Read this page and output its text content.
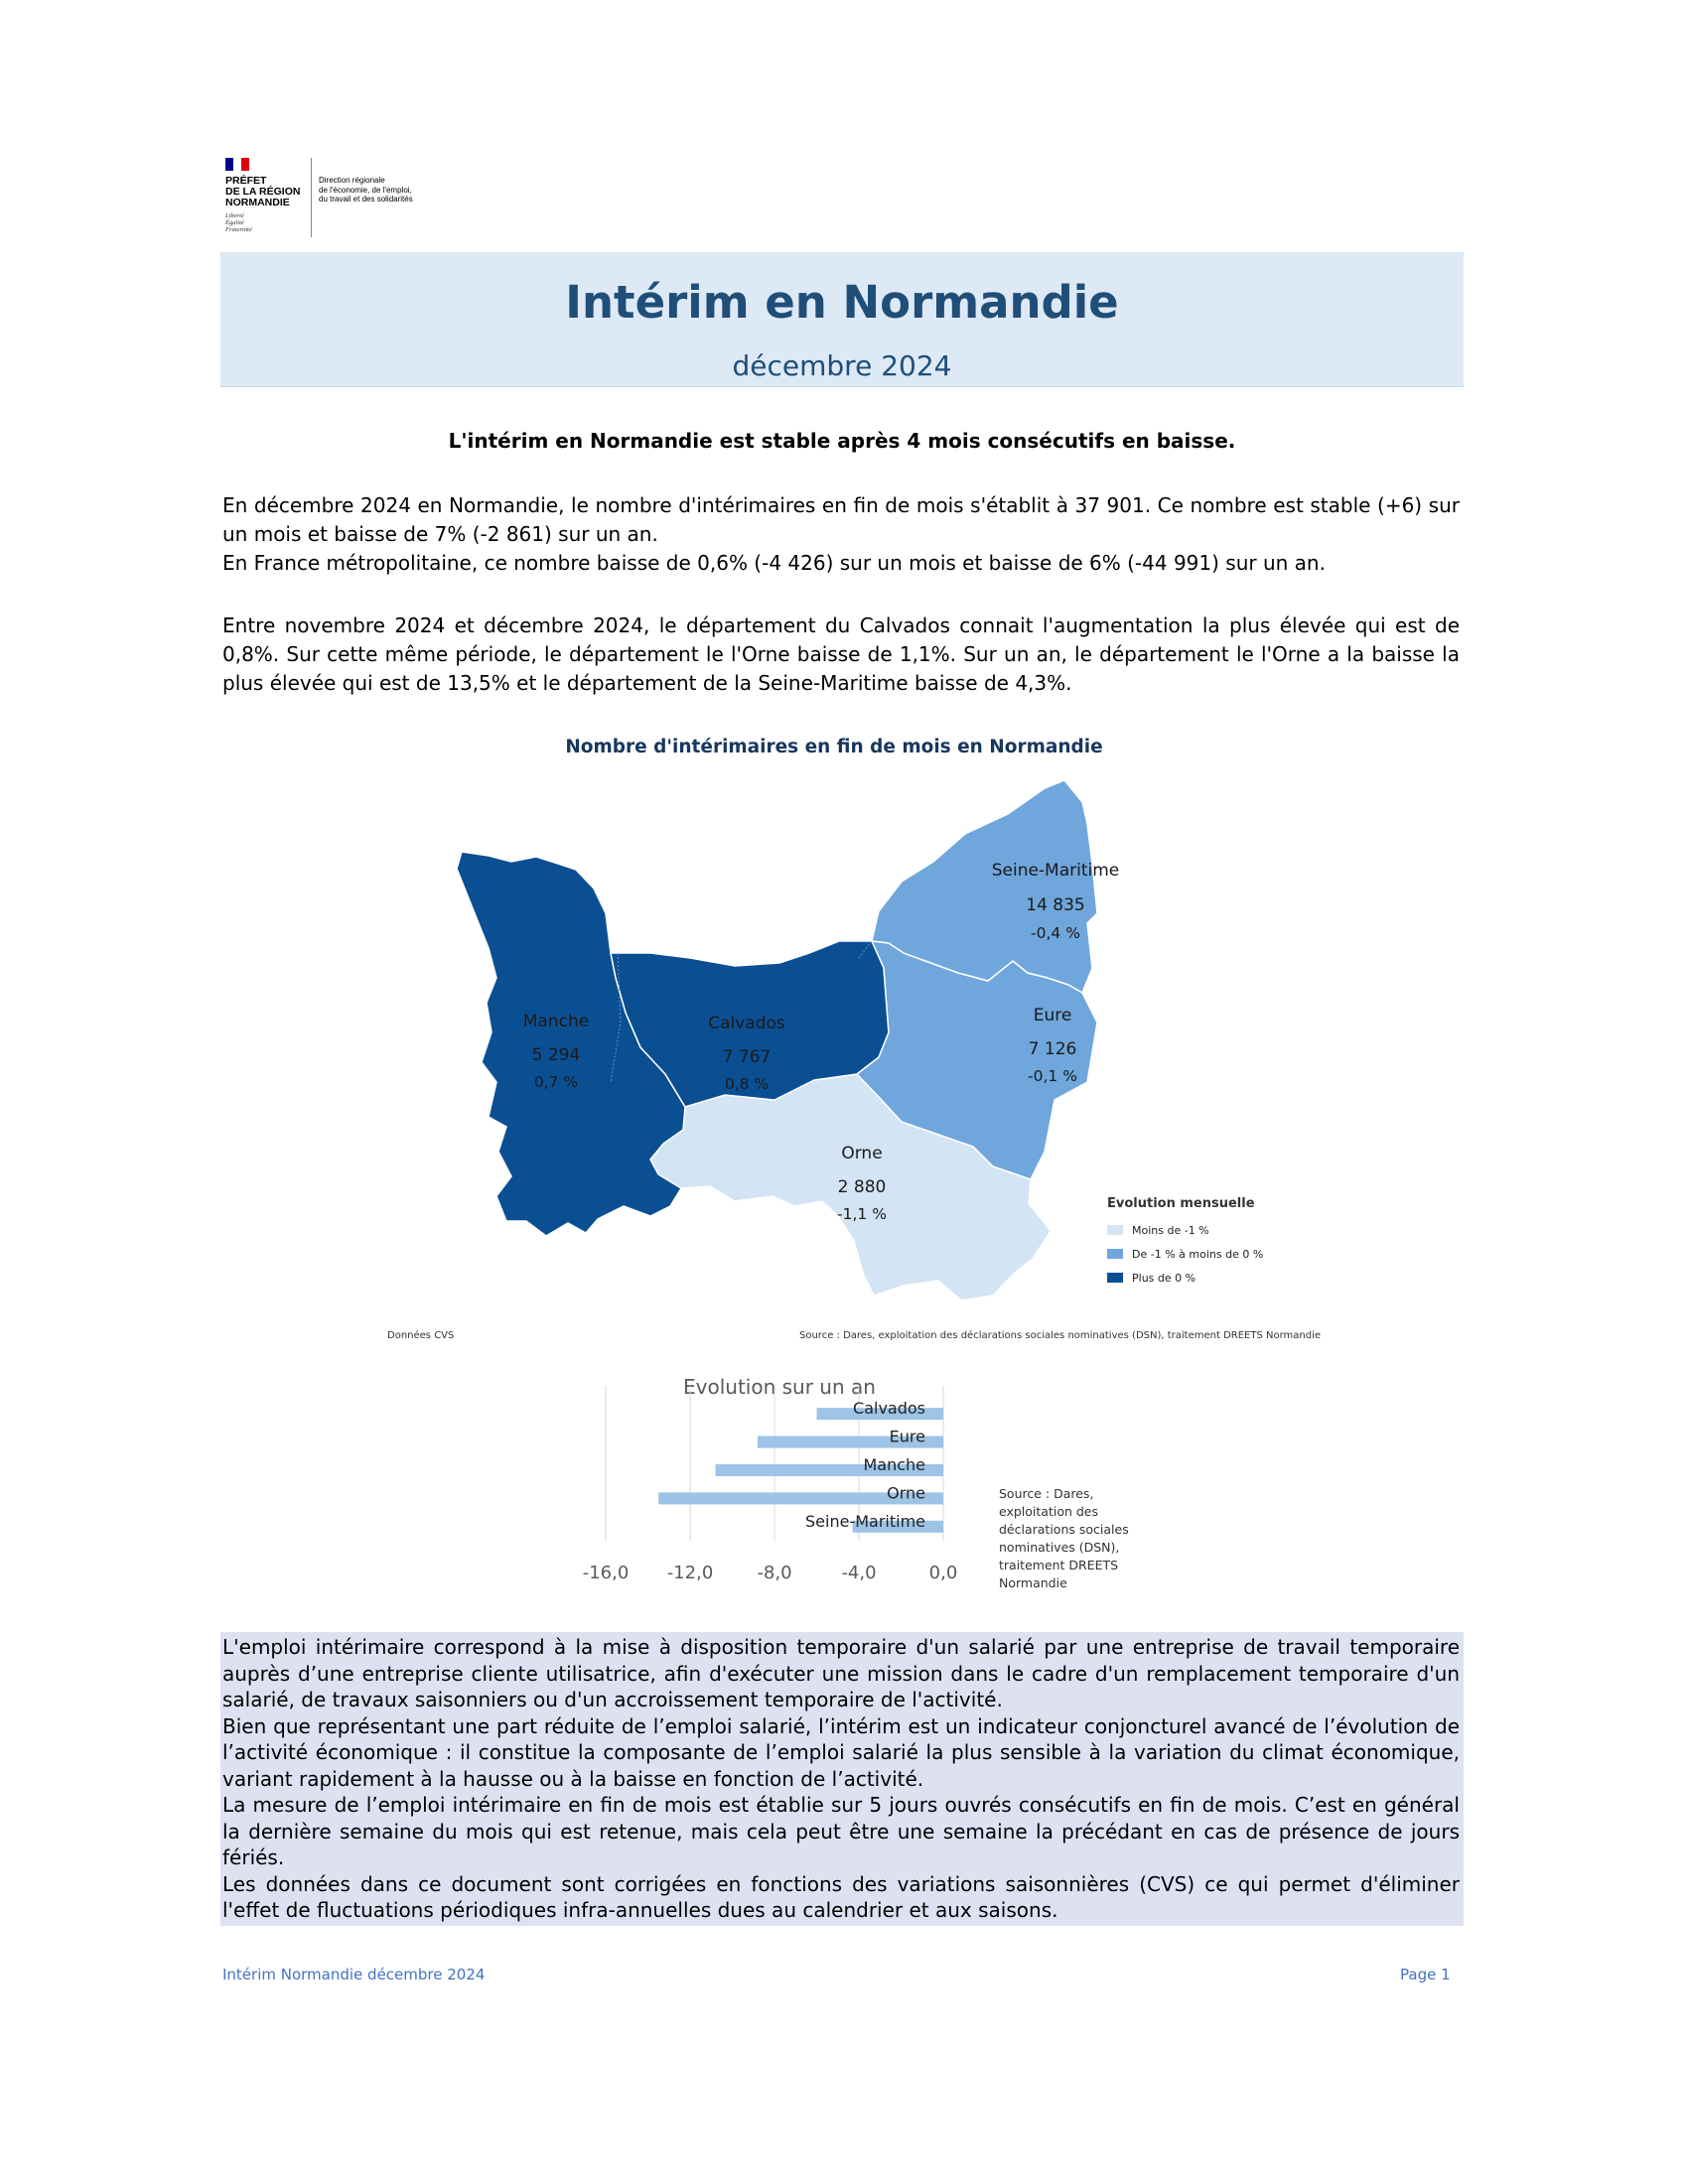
PRÉFET
DE LA RÉGION
NORMANDIE
Liberté
Égalité
Fraternité
Direction régionale
de l'économie, de l'emploi,
du travail et des solidarités
Intérim en Normandie
décembre 2024
L'intérim en Normandie est stable après 4 mois consécutifs en baisse.

En décembre 2024 en Normandie, le nombre d'intérimaires en fin de mois s'établit à 37 901. Ce nombre est stable (+6) sur un mois et baisse de 7% (-2 861) sur un an.

En France métropolitaine, ce nombre baisse de 0,6% (-4 426) sur un mois et baisse de 6% (-44 991) sur un an.

Entre novembre 2024 et décembre 2024, le département du Calvados connait l'augmentation la plus élevée qui est de 0,8%. Sur cette même période, le département le l'Orne baisse de 1,1%. Sur un an, le département le l'Orne a la baisse la plus élevée qui est de 13,5% et le département de la Seine-Maritime baisse de 4,3%.
Nombre d'intérimaires en fin de mois en Normandie
Seine-Maritime
14 835
-0,4 %
Eure
7 126
-0,1 %
Manche
5 294
0,7 %
Calvados
7 767
0,8 %
Orne
2 880
-1,1 %
Evolution mensuelle
Moins de -1 %
De -1 % à moins de 0 %
Plus de 0 %
Données CVS	Source : Dares, exploitation des déclarations sociales nominatives (DSN), traitement DREETS Normandie
Evolution sur un an
Calvados
Eure
Manche
Orne
Seine-Maritime
-16,0 -12,0 -8,0	-4,0	0,0
Source : Dares, exploitation des déclarations sociales nominatives (DSN), traitement DREETS Normandie

L'emploi intérimaire correspond à la mise à disposition temporaire d'un salarié par une entreprise de travail temporaire auprès d’une entreprise cliente utilisatrice, afin d'exécuter une mission dans le cadre d'un remplacement temporaire d'un salarié, de travaux saisonniers ou d'un accroissement temporaire de l'activité.

Bien que représentant une part réduite de l’emploi salarié, l’intérim est un indicateur conjoncturel avancé de l’évolution de l’activité économique : il constitue la composante de l’emploi salarié la plus sensible à la variation du climat économique, variant rapidement à la hausse ou à la baisse en fonction de l’activité.

La mesure de l’emploi intérimaire en fin de mois est établie sur 5 jours ouvrés consécutifs en fin de mois. C’est en général la dernière semaine du mois qui est retenue, mais cela peut être une semaine la précédant en cas de présence de jours fériés.

Les données dans ce document sont corrigées en fonctions des variations saisonnières (CVS) ce qui permet d'éliminer l'effet de fluctuations périodiques infra-annuelles dues au calendrier et aux saisons.

Intérim Normandie décembre 2024	Page 1
